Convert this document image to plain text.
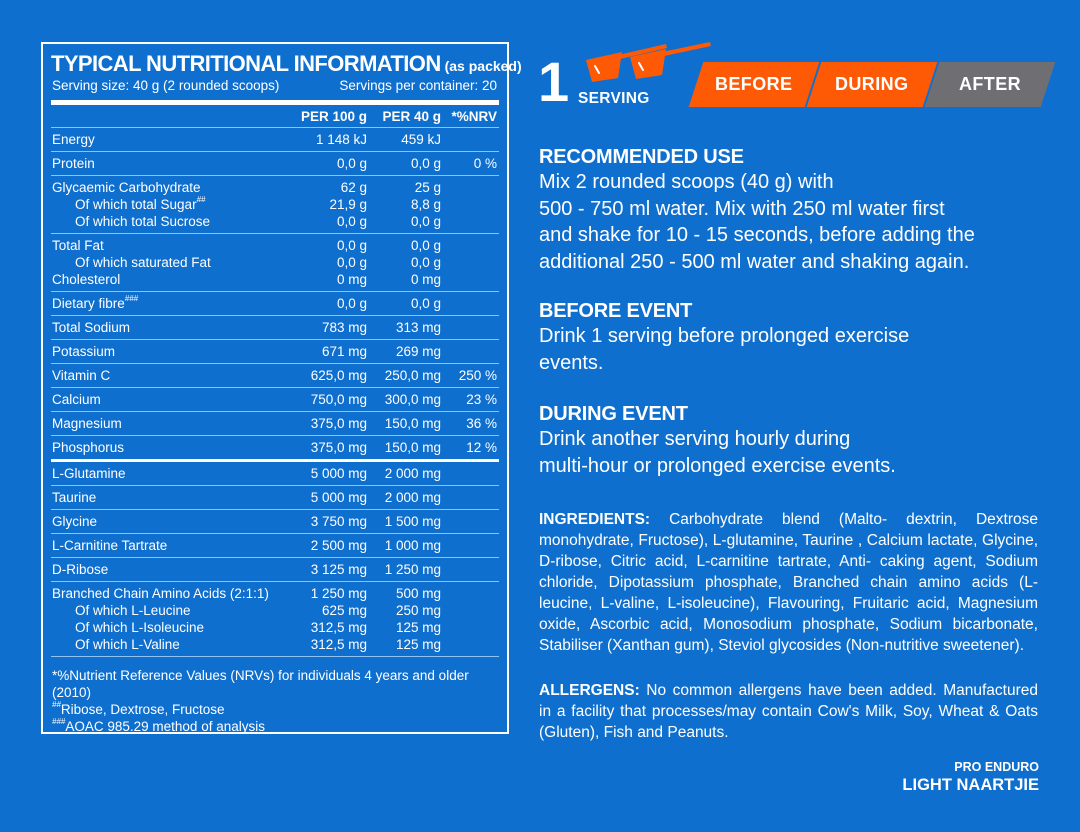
TYPICAL NUTRITIONAL INFORMATION (as packed)
Serving size: 40 g (2 rounded scoops)	Servings per container: 20
PER 100 g	PER 40 g *%NRV
Energy	1 148 kJ	459 kJ
Protein	0,0 g	0,0 g	0 %
Glycaemic Carbohydrate	62 g	25 g
Of which total Sugar##	21,9 g	8,8 g
Of which total Sucrose	0,0 g	0,0 g
Total Fat	0,0 g	0,0 g
Of which saturated Fat	0,0 g	0,0 g
Cholesterol	0 mg	0 mg
Dietary fibre###	0,0 g	0,0 g
Total Sodium	783 mg	313 mg
Potassium	671 mg	269 mg
Vitamin C	625,0 mg	250,0 mg	250 %
Calcium	750,0 mg	300,0 mg	23 %
Magnesium	375,0 mg	150,0 mg	36 %
Phosphorus	375,0 mg	150,0 mg	12 %
L-Glutamine	5 000 mg	2 000 mg
Taurine	5 000 mg	2 000 mg
Glycine	3 750 mg	1 500 mg
L-Carnitine Tartrate	2 500 mg	1 000 mg
D-Ribose	3 125 mg	1 250 mg
Branched Chain Amino Acids (2:1:1)	1 250 mg	500 mg
Of which L-Leucine	625 mg	250 mg
Of which L-Isoleucine	312,5 mg	125 mg
Of which L-Valine	312,5 mg	125 mg
*%Nutrient Reference Values (NRVs) for individuals 4 years and older (2010)
##Ribose, Dextrose, Fructose
###AOAC 985.29 method of analysis
1 SERVING
BEFORE DURING	AFTER
RECOMMENDED USE

Mix 2 rounded scoops (40 g) with

500 - 750 ml water. Mix with 250 ml water first

and shake for 10 - 15 seconds, before adding the

additional 250 - 500 ml water and shaking again.

BEFORE EVENT

Drink 1 serving before prolonged exercise

events.

DURING EVENT

Drink another serving hourly during

multi-hour or prolonged exercise events.

INGREDIENTS: Carbohydrate blend (Malto- dextrin, Dextrose monohydrate, Fructose), L-glutamine, Taurine , Calcium lactate, Glycine, D-ribose, Citric acid, L-carnitine tartrate, Anti- caking agent, Sodium chloride, Dipotassium phosphate, Branched chain amino acids (L-leucine, L-valine, L-isoleucine), Flavouring, Fruitaric acid, Magnesium oxide, Ascorbic acid, Monosodium phosphate, Sodium bicarbonate, Stabiliser (Xanthan gum), Steviol glycosides (Non-nutritive sweetener).
ALLERGENS: No common allergens have been added. Manufactured in a facility that processes/may contain Cow's Milk, Soy, Wheat & Oats (Gluten), Fish and Peanuts.
PRO ENDURO
LIGHT NAARTJIE
